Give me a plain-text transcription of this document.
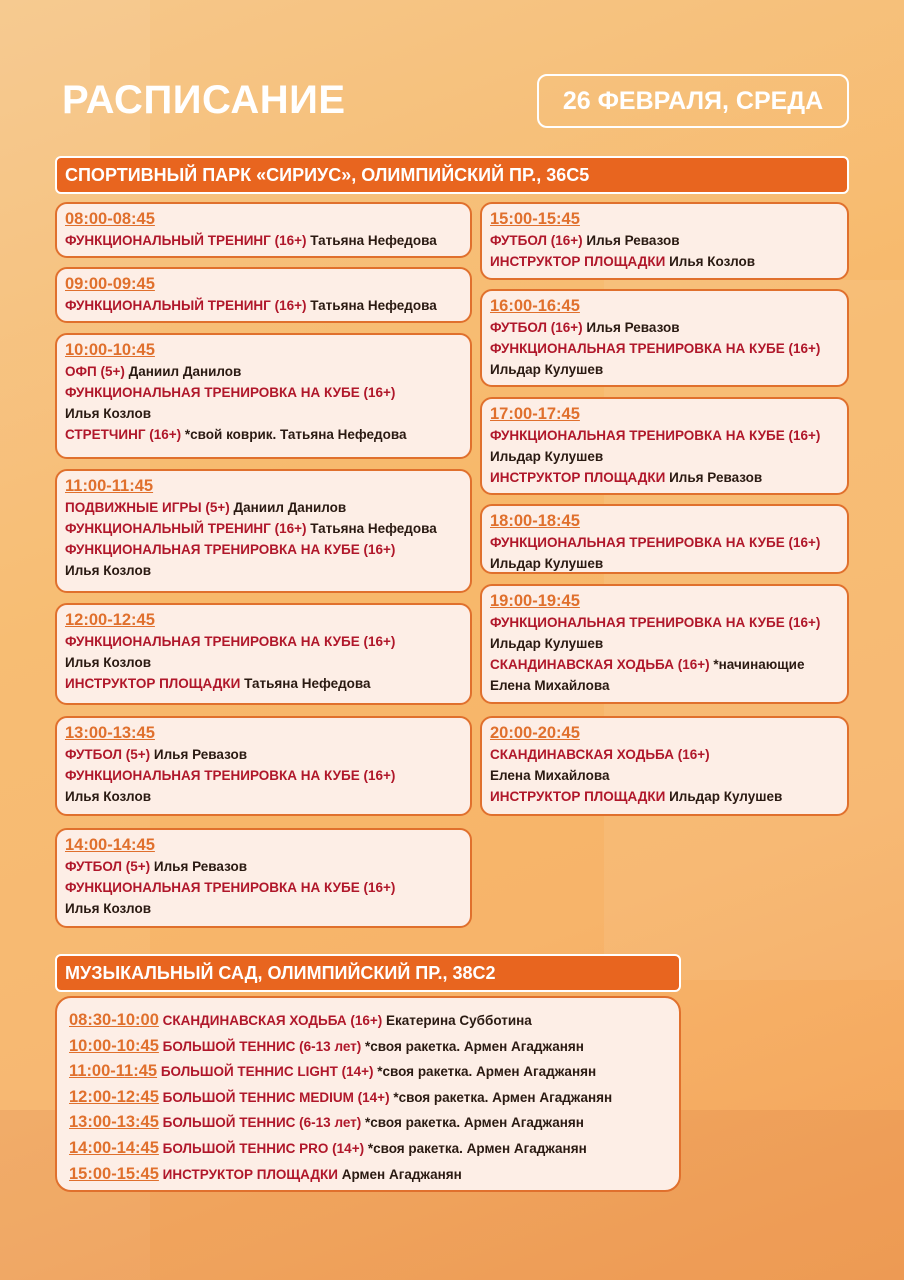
РАСПИСАНИЕ	26 ФЕВРАЛЯ, СРЕДА
СПОРТИВНЫЙ ПАРК «СИРИУС», ОЛИМПИЙСКИЙ ПР., 36С5
08:00-08:45
ФУНКЦИОНАЛЬНЫЙ ТРЕНИНГ (16+) Татьяна Нефедова
09:00-09:45
ФУНКЦИОНАЛЬНЫЙ ТРЕНИНГ (16+) Татьяна Нефедова
10:00-10:45
ОФП (5+) Даниил Данилов
ФУНКЦИОНАЛЬНАЯ ТРЕНИРОВКА НА КУБЕ (16+)
Илья Козлов
СТРЕТЧИНГ (16+) *свой коврик. Татьяна Нефедова
11:00-11:45
ПОДВИЖНЫЕ ИГРЫ (5+) Даниил Данилов
ФУНКЦИОНАЛЬНЫЙ ТРЕНИНГ (16+) Татьяна Нефедова
ФУНКЦИОНАЛЬНАЯ ТРЕНИРОВКА НА КУБЕ (16+)
Илья Козлов
12:00-12:45
ФУНКЦИОНАЛЬНАЯ ТРЕНИРОВКА НА КУБЕ (16+)
Илья Козлов
ИНСТРУКТОР ПЛОЩАДКИ Татьяна Нефедова
13:00-13:45
ФУТБОЛ (5+) Илья Ревазов
ФУНКЦИОНАЛЬНАЯ ТРЕНИРОВКА НА КУБЕ (16+)
Илья Козлов
14:00-14:45
ФУТБОЛ (5+) Илья Ревазов
ФУНКЦИОНАЛЬНАЯ ТРЕНИРОВКА НА КУБЕ (16+)
Илья Козлов
15:00-15:45
ФУТБОЛ (16+) Илья Ревазов
ИНСТРУКТОР ПЛОЩАДКИ Илья Козлов
16:00-16:45
ФУТБОЛ (16+) Илья Ревазов
ФУНКЦИОНАЛЬНАЯ ТРЕНИРОВКА НА КУБЕ (16+)
Ильдар Кулушев
17:00-17:45
ФУНКЦИОНАЛЬНАЯ ТРЕНИРОВКА НА КУБЕ (16+)
Ильдар Кулушев
ИНСТРУКТОР ПЛОЩАДКИ Илья Ревазов
18:00-18:45
ФУНКЦИОНАЛЬНАЯ ТРЕНИРОВКА НА КУБЕ (16+)
Ильдар Кулушев
19:00-19:45
ФУНКЦИОНАЛЬНАЯ ТРЕНИРОВКА НА КУБЕ (16+)
Ильдар Кулушев
СКАНДИНАВСКАЯ ХОДЬБА (16+) *начинающие
Елена Михайлова
20:00-20:45
СКАНДИНАВСКАЯ ХОДЬБА (16+)
Елена Михайлова
ИНСТРУКТОР ПЛОЩАДКИ Ильдар Кулушев
МУЗЫКАЛЬНЫЙ САД, ОЛИМПИЙСКИЙ ПР., 38С2
08:30-10:00 СКАНДИНАВСКАЯ ХОДЬБА (16+) Екатерина Субботина
10:00-10:45 БОЛЬШОЙ ТЕННИС (6-13 лет) *своя ракетка. Армен Агаджанян
11:00-11:45 БОЛЬШОЙ ТЕННИС LIGHT (14+) *своя ракетка. Армен Агаджанян
12:00-12:45 БОЛЬШОЙ ТЕННИС MEDIUM (14+) *своя ракетка. Армен Агаджанян
13:00-13:45 БОЛЬШОЙ ТЕННИС (6-13 лет) *своя ракетка. Армен Агаджанян
14:00-14:45 БОЛЬШОЙ ТЕННИС PRO (14+) *своя ракетка. Армен Агаджанян
15:00-15:45 ИНСТРУКТОР ПЛОЩАДКИ Армен Агаджанян
